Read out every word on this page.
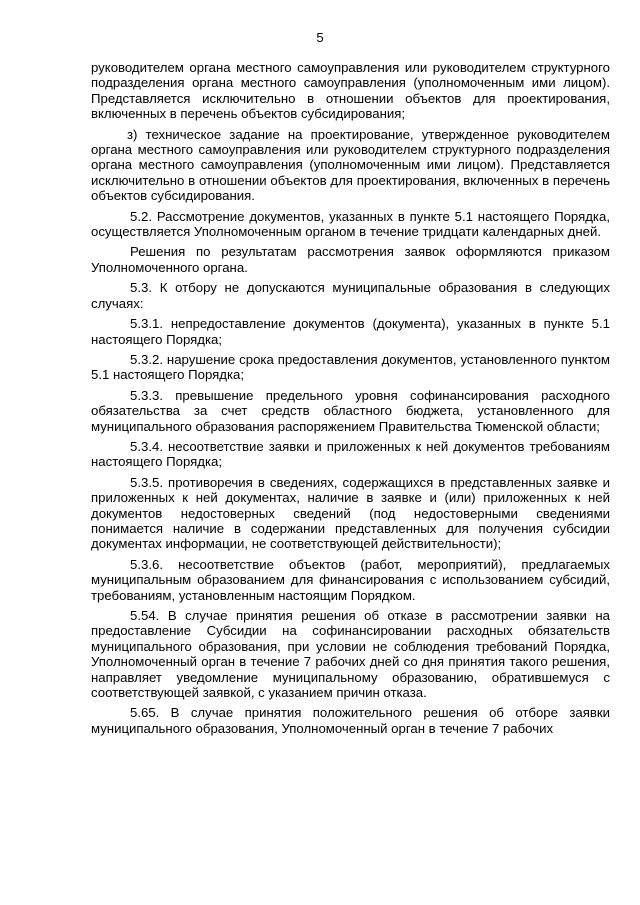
5

руководителем органа местного самоуправления или руководителем структурного подразделения органа местного самоуправления (уполномоченным ими лицом). Представляется исключительно в отношении объектов для проектирования, включенных в перечень объектов субсидирования;

з) техническое задание на проектирование, утвержденное руководителем органа местного самоуправления или руководителем структурного подразделения органа местного самоуправления (уполномоченным ими лицом). Представляется исключительно в отношении объектов для проектирования, включенных в перечень объектов субсидирования.

5.2. Рассмотрение документов, указанных в пункте 5.1 настоящего Порядка, осуществляется Уполномоченным органом в течение тридцати календарных дней.

Решения по результатам рассмотрения заявок оформляются приказом Уполномоченного органа.

5.3. К отбору не допускаются муниципальные образования в следующих случаях:

5.3.1. непредоставление документов (документа), указанных в пункте 5.1 настоящего Порядка;

5.3.2. нарушение срока предоставления документов, установленного пунктом 5.1 настоящего Порядка;

5.3.3. превышение предельного уровня софинансирования расходного обязательства за счет средств областного бюджета, установленного для муниципального образования распоряжением Правительства Тюменской области;

5.3.4. несоответствие заявки и приложенных к ней документов требованиям настоящего Порядка;

5.3.5. противоречия в сведениях, содержащихся в представленных заявке и приложенных к ней документах, наличие в заявке и (или) приложенных к ней документов недостоверных сведений (под недостоверными сведениями понимается наличие в содержании представленных для получения субсидии документах информации, не соответствующей действительности);

5.3.6. несоответствие объектов (работ, мероприятий), предлагаемых муниципальным образованием для финансирования с использованием субсидий, требованиям, установленным настоящим Порядком.

5.54. В случае принятия решения об отказе в рассмотрении заявки на предоставление Субсидии на софинансировании расходных обязательств муниципального образования, при условии не соблюдения требований Порядка, Уполномоченный орган в течение 7 рабочих дней со дня принятия такого решения, направляет уведомление муниципальному образованию, обратившемуся с соответствующей заявкой, с указанием причин отказа.

5.65. В случае принятия положительного решения об отборе заявки муниципального образования, Уполномоченный орган в течение 7 рабочих
